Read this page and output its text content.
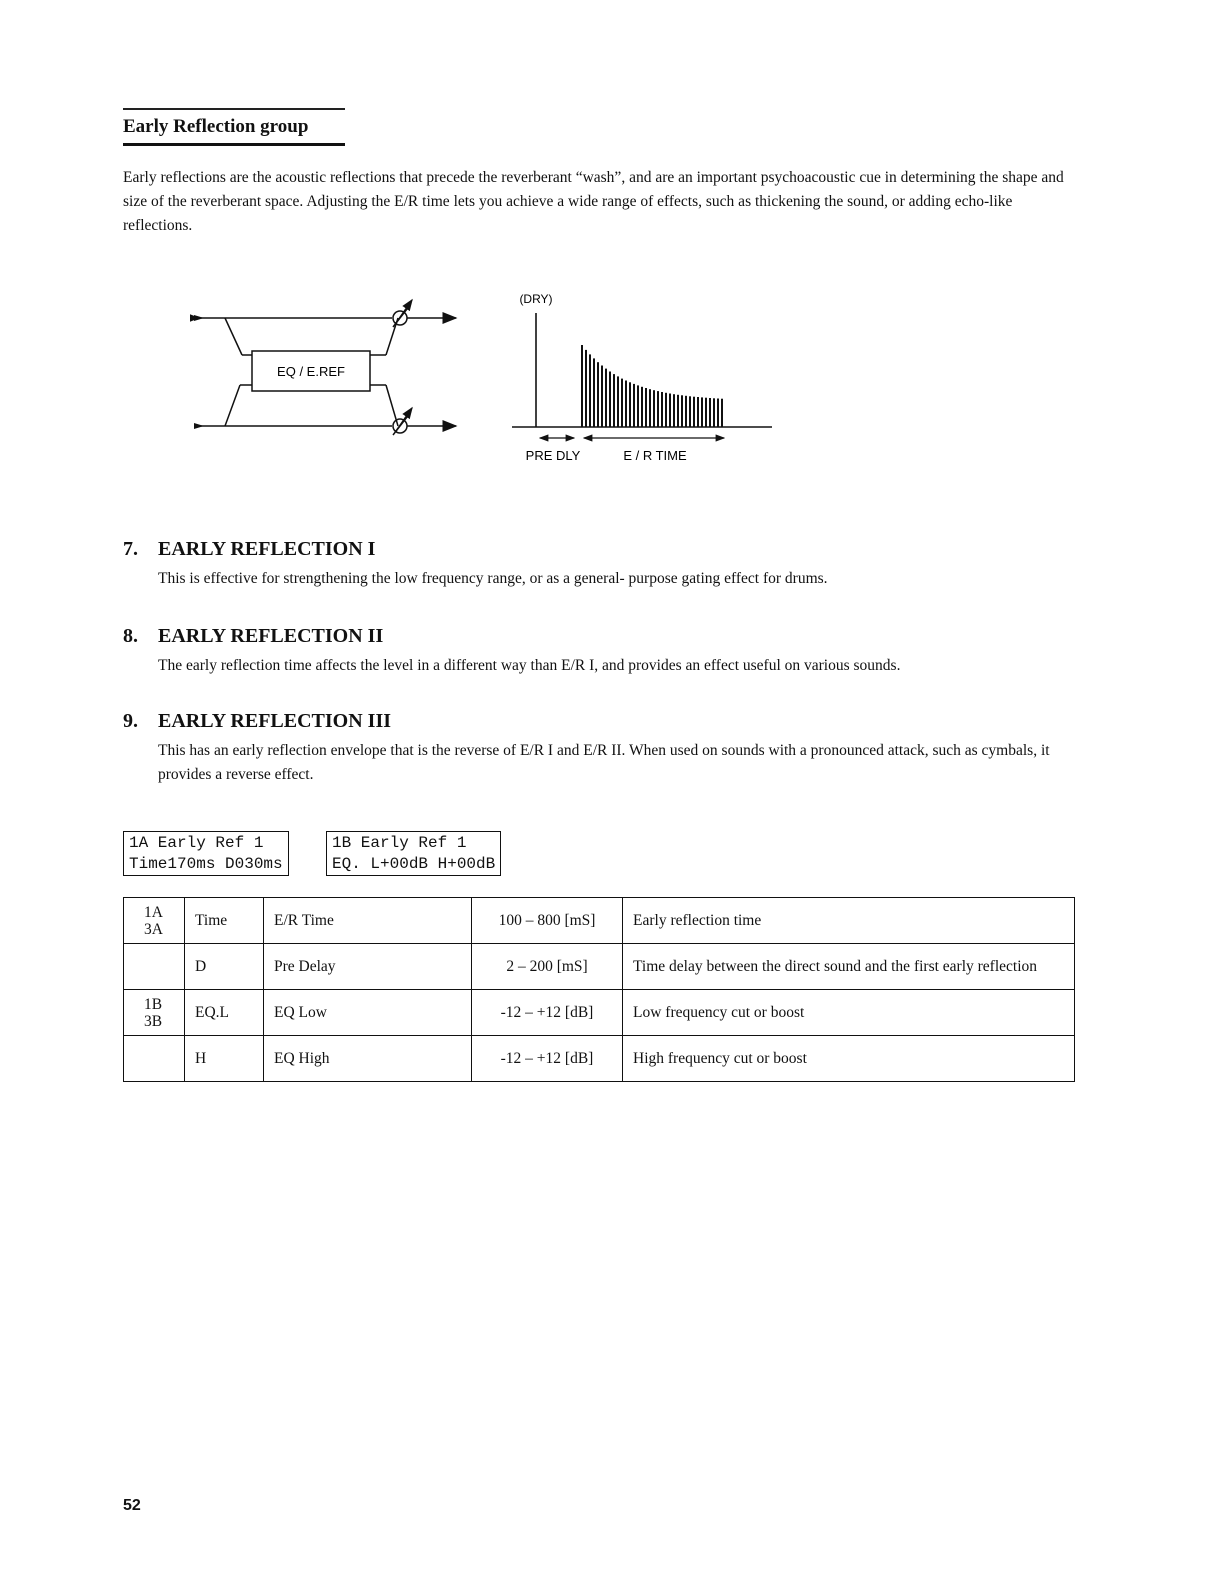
Early Reflection group
Early reflections are the acoustic reflections that precede the reverberant “wash”, and are an important psychoacoustic cue in determining the shape and size of the reverberant space. Adjusting the E/R time lets you achieve a wide range of effects, such as thickening the sound, or adding echo-like reflections.
EQ / E.REF
(DRY)
PRE DLY	E / R TIME
7. EARLY REFLECTION I
This is effective for strengthening the low frequency range, or as a general- purpose gating effect for drums.
8. EARLY REFLECTION II
The early reflection time affects the level in a different way than E/R I, and provides an effect useful on various sounds.
9. EARLY REFLECTION III
This has an early reflection envelope that is the reverse of E/R I and E/R II. When used on sounds with a pronounced attack, such as cymbals, it provides a reverse effect.
1A Early Ref 1
Time170ms D030ms
1B Early Ref 1
EQ. L+00dB H+00dB
1A
3A	Time	E/R Time	100 – 800 [mS]	Early reflection time
	D	Pre Delay	2 – 200 [mS]	Time delay between the direct sound and the first early reflection
1B
3B	EQ.L	EQ Low	-12 – +12 [dB]	Low frequency cut or boost
	H	EQ High	-12 – +12 [dB]	High frequency cut or boost
52
